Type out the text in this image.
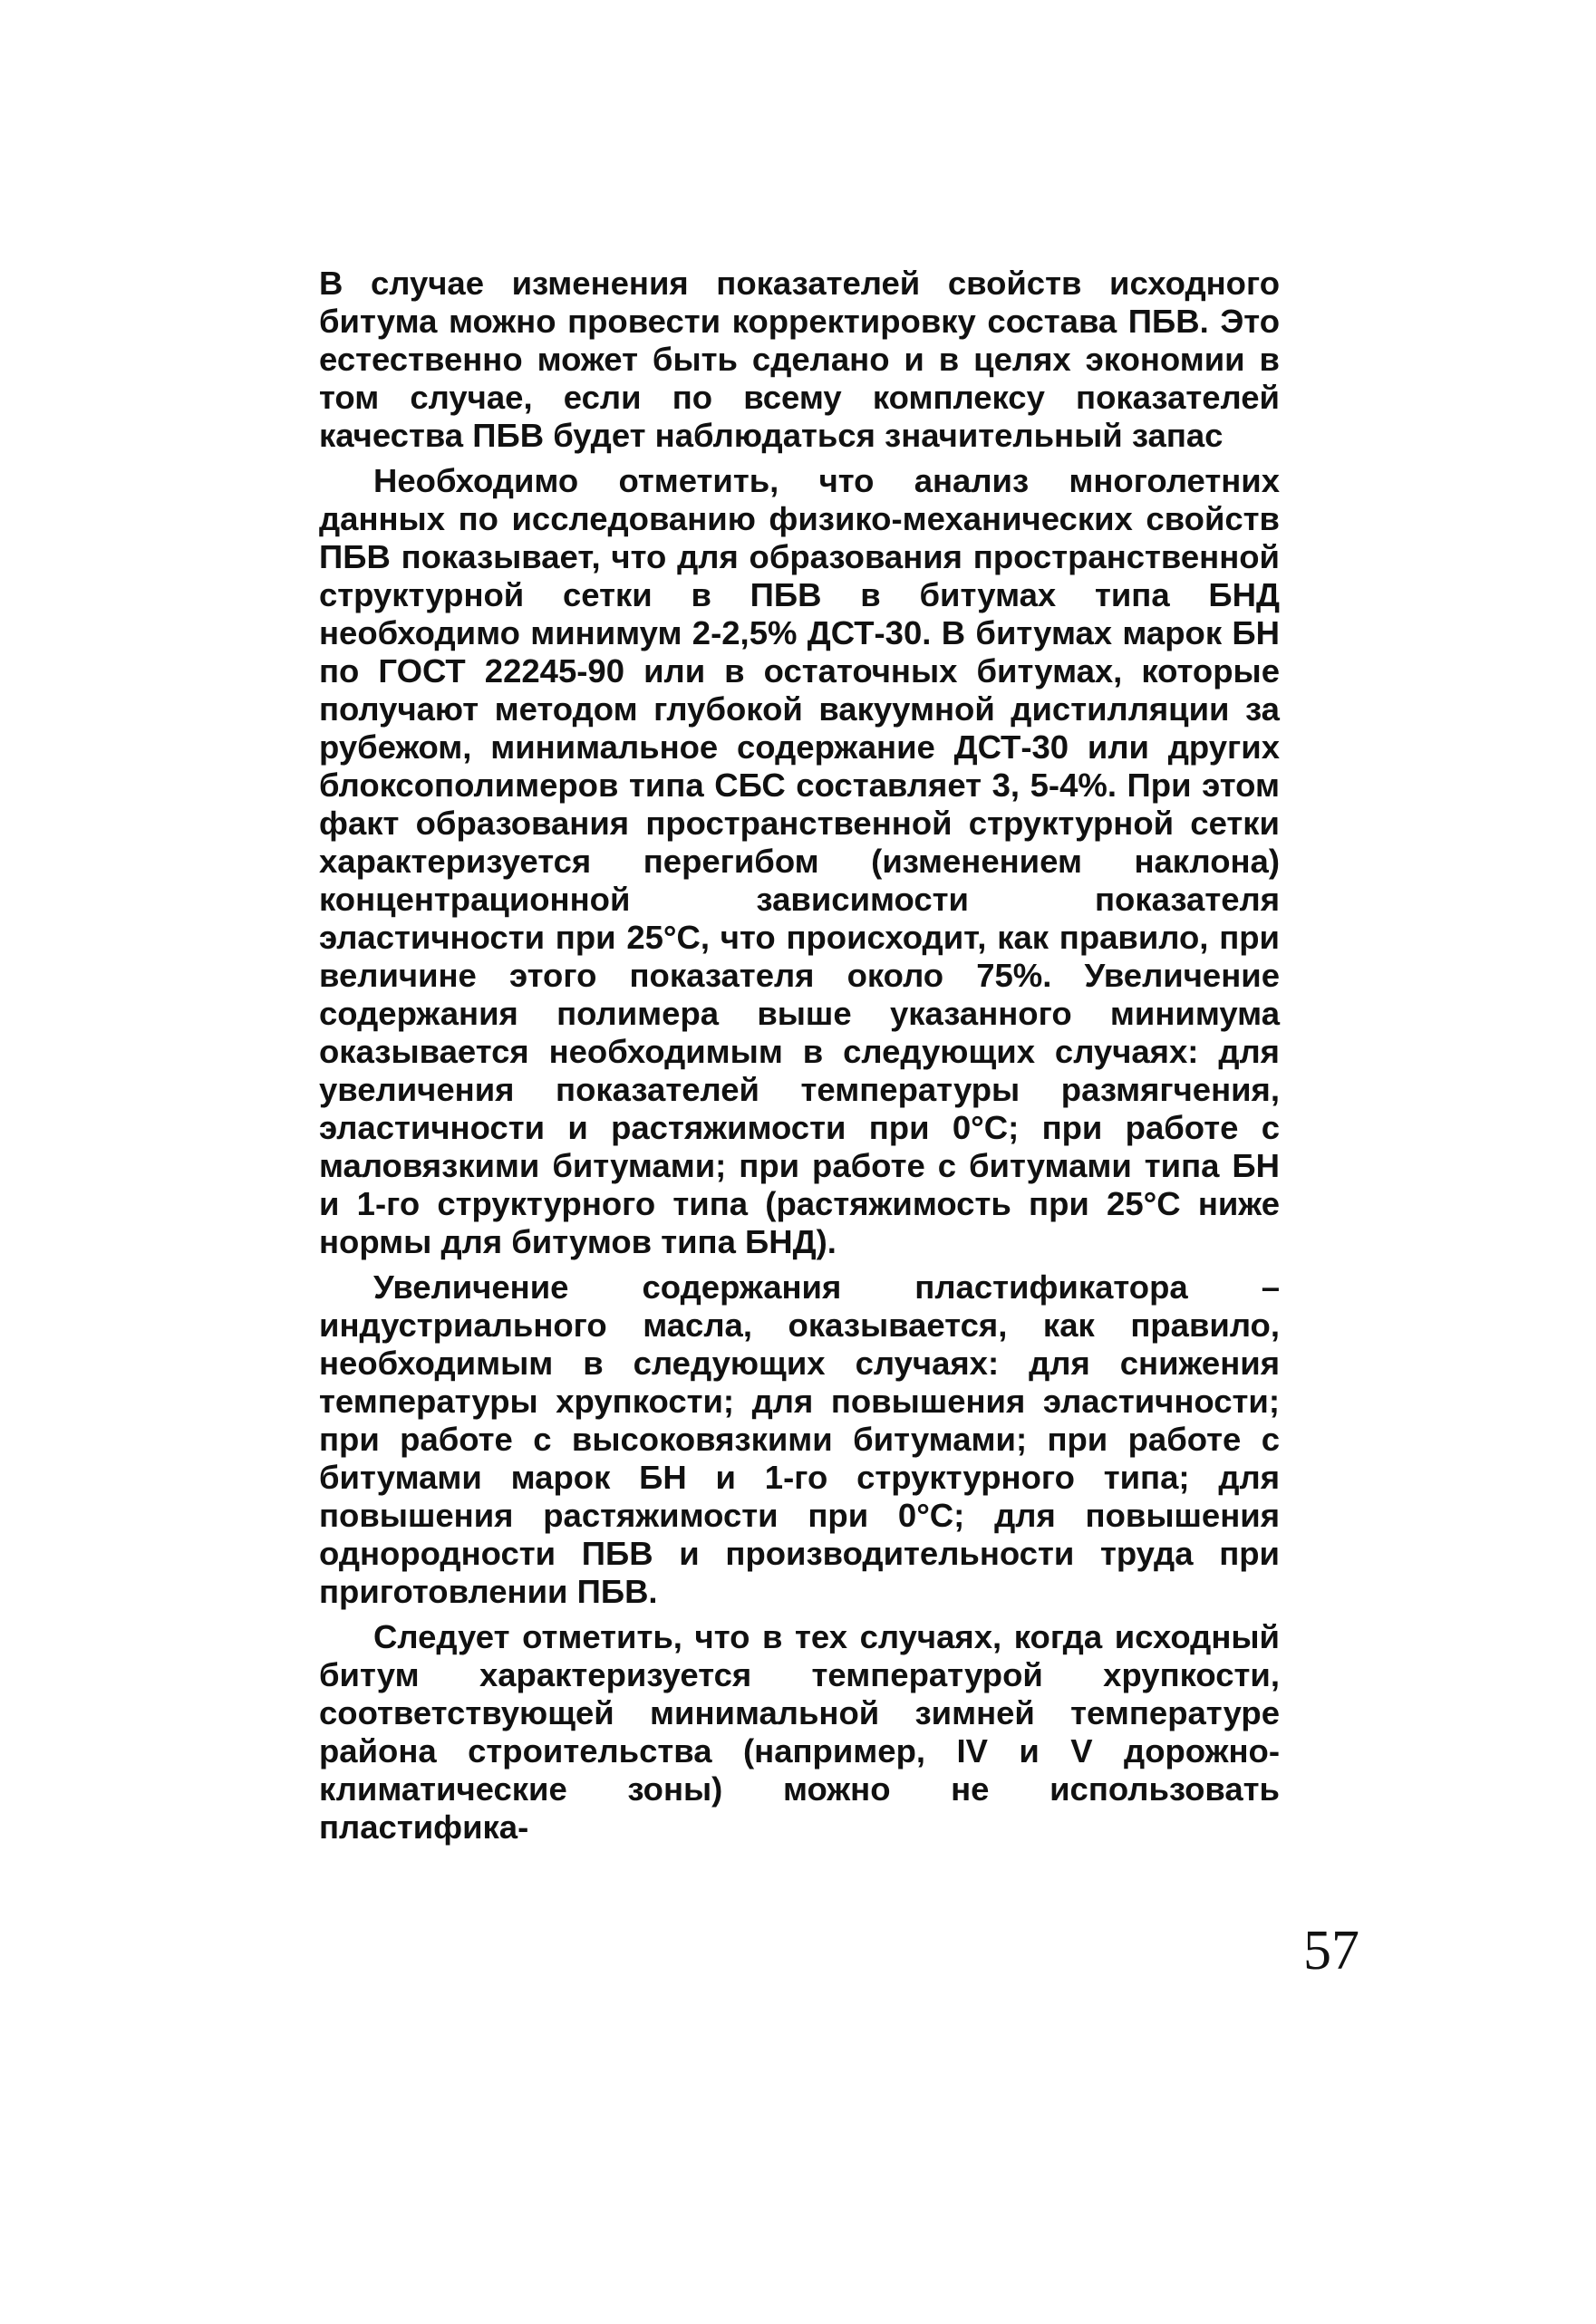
В случае изменения показателей свойств исходного битума можно провести корректировку состава ПБВ. Это естественно может быть сделано и в целях экономии в том случае, если по всему комплексу показателей качества ПБВ будет наблюдаться значительный запас

Необходимо отметить, что анализ многолетних данных по исследованию физико-механических свойств ПБВ показывает, что для образования пространственной структурной сетки в ПБВ в битумах типа БНД необходимо минимум 2-2,5% ДСТ-30. В битумах марок БН по ГОСТ 22245-90 или в остаточных битумах, которые получают методом глубокой вакуумной дистилляции за рубежом, минимальное содержание ДСТ-30 или других блоксополимеров типа СБС составляет 3, 5-4%. При этом факт образования пространственной структурной сетки характеризуется перегибом (изменением наклона) концентрационной зависимости показателя эластичности при 25°С, что происходит, как правило, при величине этого показателя около 75%. Увеличение содержания полимера выше указанного минимума оказывается необходимым в следующих случаях: для увеличения показателей температуры размягчения, эластичности и растяжимости при 0°С; при работе с маловязкими битумами; при работе с битумами типа БН и 1-го структурного типа (растяжимость при 25°С ниже нормы для битумов типа БНД).

Увеличение содержания пластификатора – индустриального масла, оказывается, как правило, необходимым в следующих случаях: для снижения температуры хрупкости; для повышения эластичности; при работе с высоковязкими битумами; при работе с битумами марок БН и 1-го структурного типа; для повышения растяжимости при 0°С; для повышения однородности ПБВ и производительности труда при приготовлении ПБВ.

Следует отметить, что в тех случаях, когда исходный битум характеризуется температурой хрупкости, соответствующей минимальной зимней температуре района строительства (например, IV и V дорожно-климатические зоны) можно не использовать пластифика-

57
